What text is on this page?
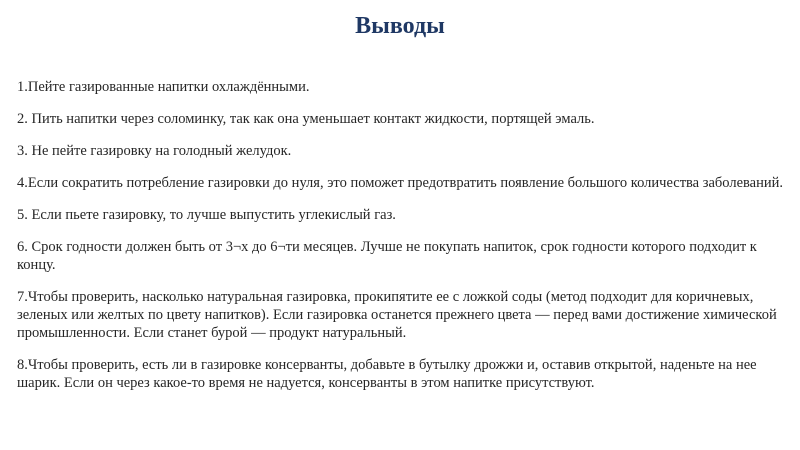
Выводы

1.Пейте газированные напитки охлаждёнными.

2. Пить напитки через соломинку, так как она уменьшает контакт жидкости, портящей эмаль.

3. Не пейте газировку на голодный желудок.

4.Если сократить потребление газировки до нуля, это поможет предотвратить появление большого количества заболеваний.

5. Если пьете газировку, то лучше выпустить углекислый газ.

6. Срок годности должен быть от 3¬х до 6¬ти месяцев. Лучше не покупать напиток, срок годности которого подходит к концу.

7.Чтобы проверить, насколько натуральная газировка, прокипятите ее с ложкой соды (метод подходит для коричневых, зеленых или желтых по цвету напитков). Если газировка останется прежнего цвета — перед вами достижение химической промышленности. Если станет бурой — продукт натуральный.

8.Чтобы проверить, есть ли в газировке консерванты, добавьте в бутылку дрожжи и, оставив открытой, наденьте на нее шарик. Если он через какое-то время не надуется, консерванты в этом напитке присутствуют.
